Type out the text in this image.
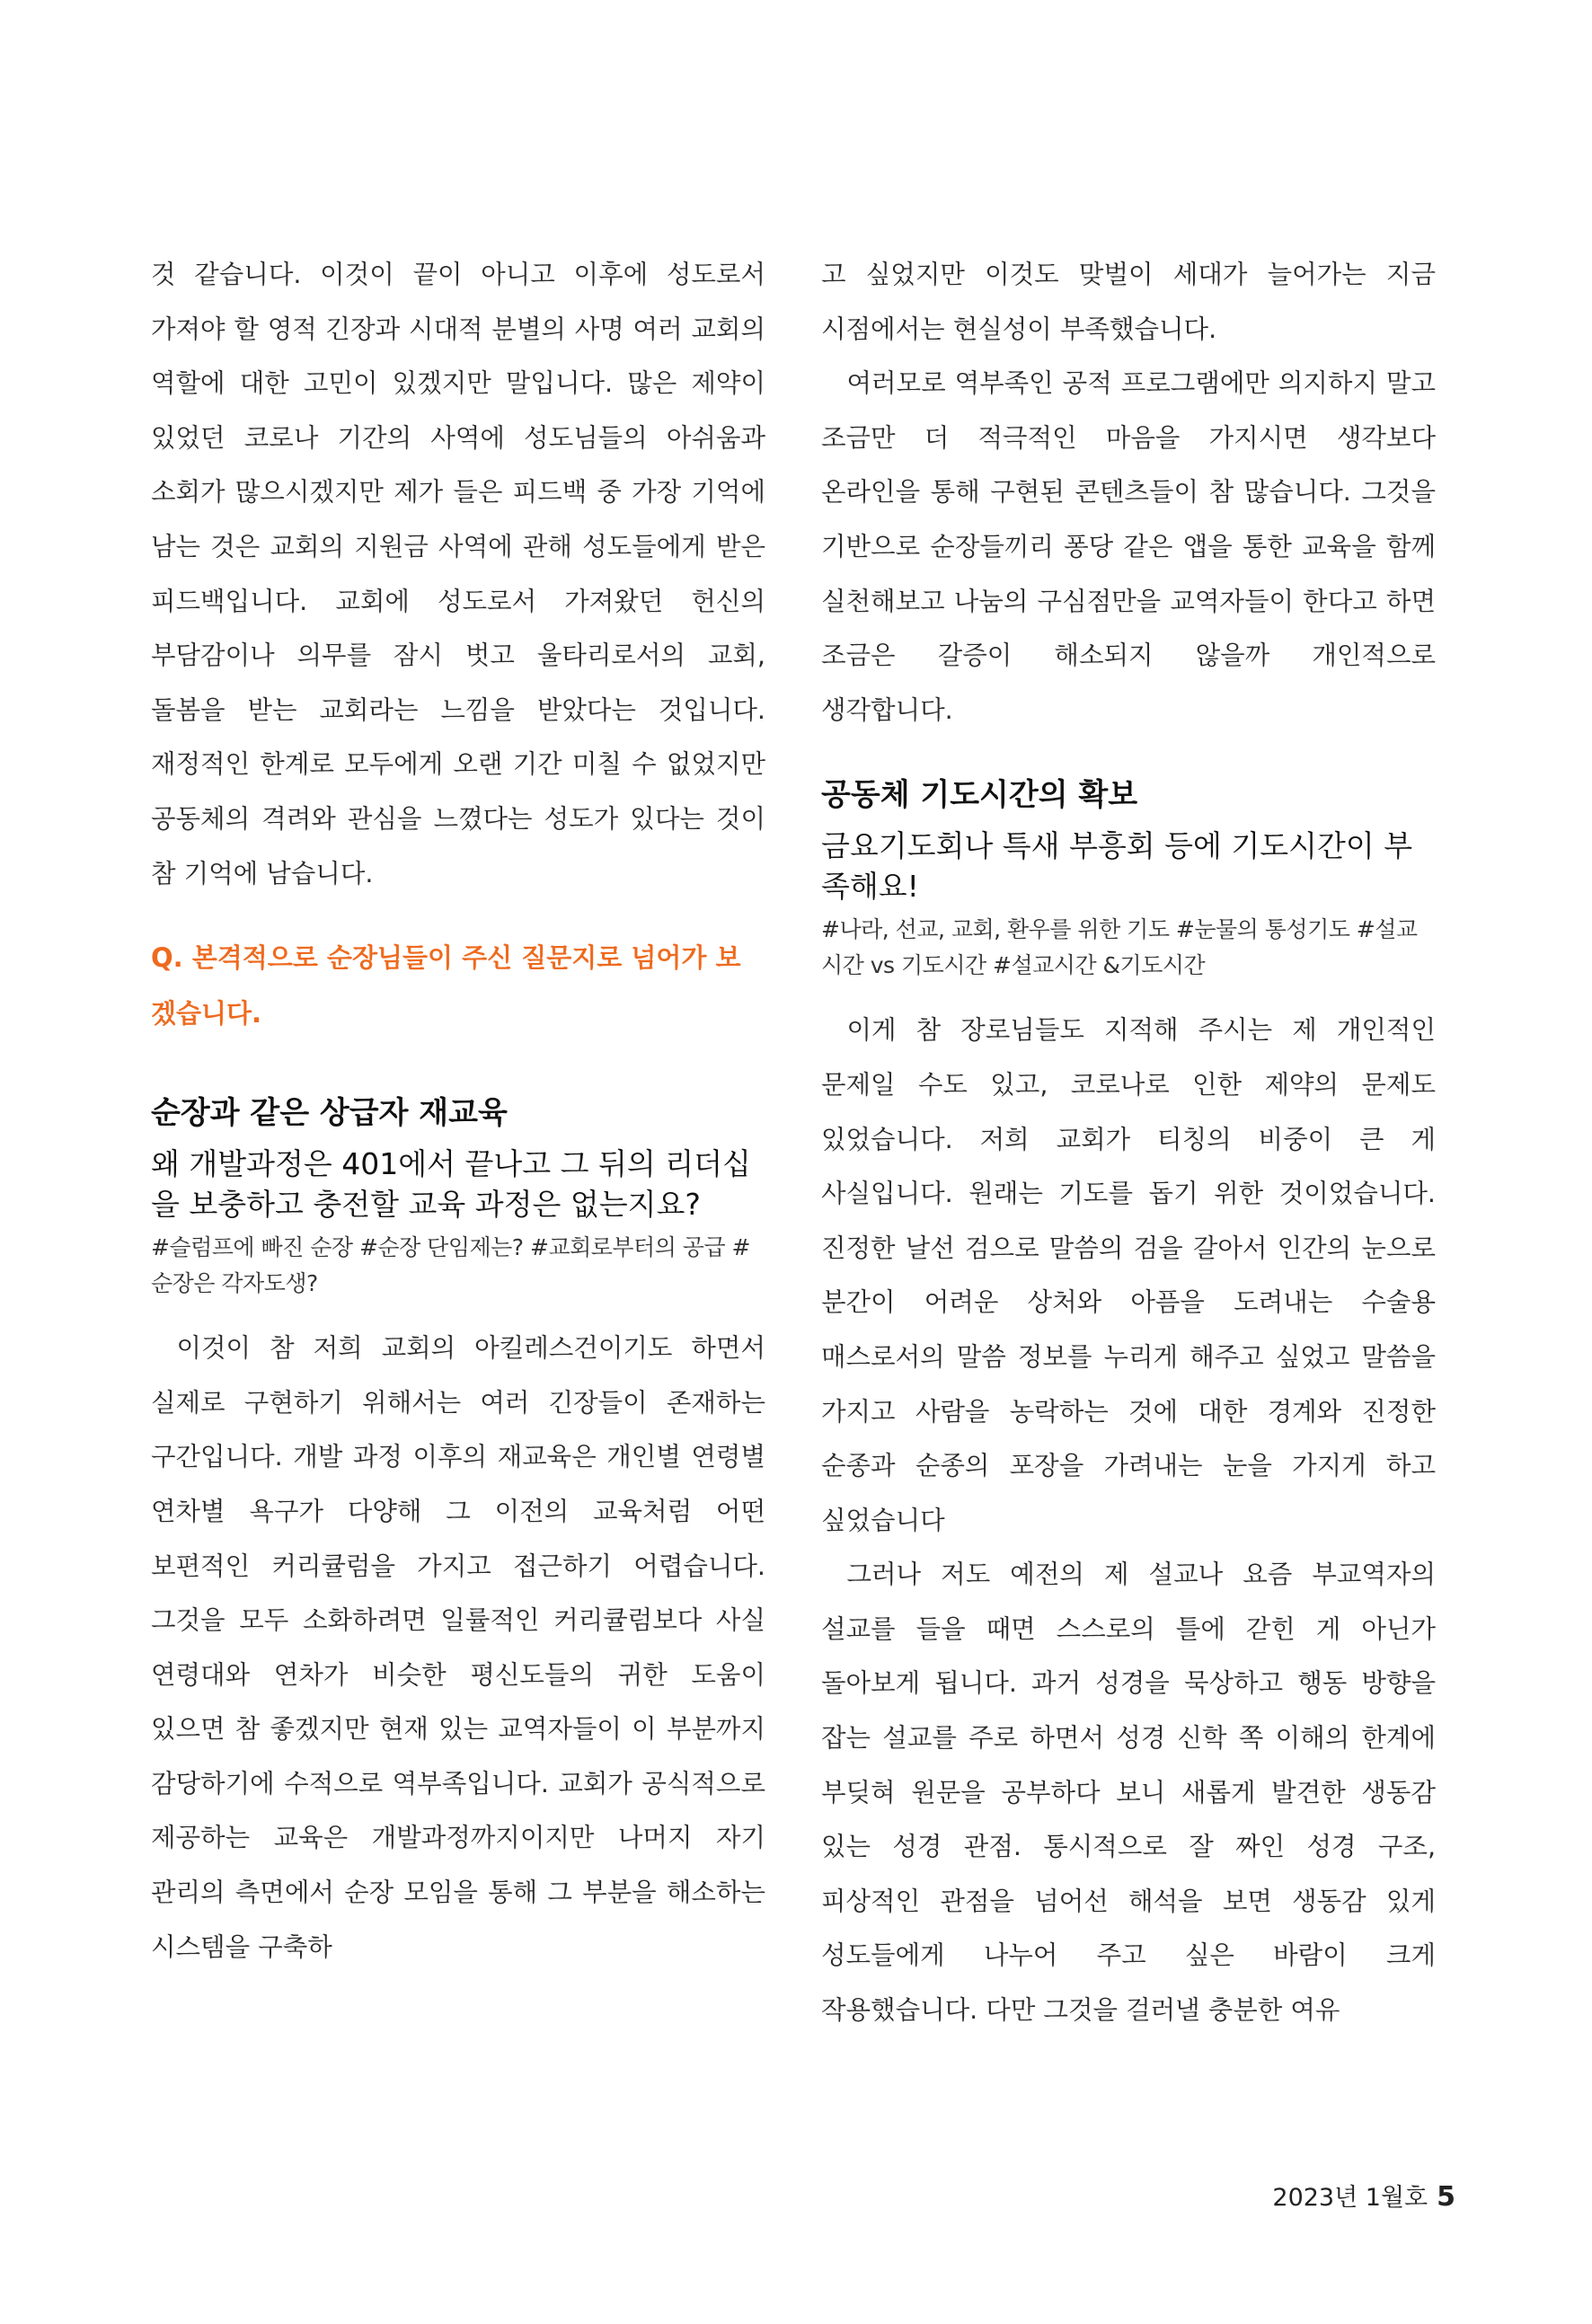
것 같습니다. 이것이 끝이 아니고 이후에 성도로서 가져야 할 영적 긴장과 시대적 분별의 사명 여러 교회의 역할에 대한 고민이 있겠지만 말입니다. 많은 제약이 있었던 코로나 기간의 사역에 성도님들의 아쉬움과 소회가 많으시겠지만 제가 들은 피드백 중 가장 기억에 남는 것은 교회의 지원금 사역에 관해 성도들에게 받은 피드백입니다. 교회에 성도로서 가져왔던 헌신의 부담감이나 의무를 잠시 벗고 울타리로서의 교회, 돌봄을 받는 교회라는 느낌을 받았다는 것입니다. 재정적인 한계로 모두에게 오랜 기간 미칠 수 없었지만 공동체의 격려와 관심을 느꼈다는 성도가 있다는 것이 참 기억에 남습니다.

Q. 본격적으로 순장님들이 주신 질문지로 넘어가 보겠습니다.

순장과 같은 상급자 재교육

왜 개발과정은 401에서 끝나고 그 뒤의 리더십을 보충하고 충전할 교육 과정은 없는지요?

#슬럼프에 빠진 순장 #순장 단임제는? #교회로부터의 공급 #순장은 각자도생?

이것이 참 저희 교회의 아킬레스건이기도 하면서 실제로 구현하기 위해서는 여러 긴장들이 존재하는 구간입니다. 개발 과정 이후의 재교육은 개인별 연령별 연차별 욕구가 다양해 그 이전의 교육처럼 어떤 보편적인 커리큘럼을 가지고 접근하기 어렵습니다. 그것을 모두 소화하려면 일률적인 커리큘럼보다 사실 연령대와 연차가 비슷한 평신도들의 귀한 도움이 있으면 참 좋겠지만 현재 있는 교역자들이 이 부분까지 감당하기에 수적으로 역부족입니다. 교회가 공식적으로 제공하는 교육은 개발과정까지이지만 나머지 자기 관리의 측면에서 순장 모임을 통해 그 부분을 해소하는 시스템을 구축하

고 싶었지만 이것도 맞벌이 세대가 늘어가는 지금 시점에서는 현실성이 부족했습니다.

여러모로 역부족인 공적 프로그램에만 의지하지 말고 조금만 더 적극적인 마음을 가지시면 생각보다 온라인을 통해 구현된 콘텐츠들이 참 많습니다. 그것을 기반으로 순장들끼리 퐁당 같은 앱을 통한 교육을 함께 실천해보고 나눔의 구심점만을 교역자들이 한다고 하면 조금은 갈증이 해소되지 않을까 개인적으로 생각합니다.

공동체 기도시간의 확보

금요기도회나 특새 부흥회 등에 기도시간이 부족해요!

#나라, 선교, 교회, 환우를 위한 기도 #눈물의 통성기도 #설교시간 vs 기도시간 #설교시간 &기도시간

이게 참 장로님들도 지적해 주시는 제 개인적인 문제일 수도 있고, 코로나로 인한 제약의 문제도 있었습니다. 저희 교회가 티칭의 비중이 큰 게 사실입니다. 원래는 기도를 돕기 위한 것이었습니다. 진정한 날선 검으로 말씀의 검을 갈아서 인간의 눈으로 분간이 어려운 상처와 아픔을 도려내는 수술용 매스로서의 말씀 정보를 누리게 해주고 싶었고 말씀을 가지고 사람을 농락하는 것에 대한 경계와 진정한 순종과 순종의 포장을 가려내는 눈을 가지게 하고 싶었습니다

그러나 저도 예전의 제 설교나 요즘 부교역자의 설교를 들을 때면 스스로의 틀에 갇힌 게 아닌가 돌아보게 됩니다. 과거 성경을 묵상하고 행동 방향을 잡는 설교를 주로 하면서 성경 신학 쪽 이해의 한계에 부딪혀 원문을 공부하다 보니 새롭게 발견한 생동감 있는 성경 관점. 통시적으로 잘 짜인 성경 구조, 피상적인 관점을 넘어선 해석을 보면 생동감 있게 성도들에게 나누어 주고 싶은 바람이 크게 작용했습니다. 다만 그것을 걸러낼 충분한 여유

2023년 1월호 5
